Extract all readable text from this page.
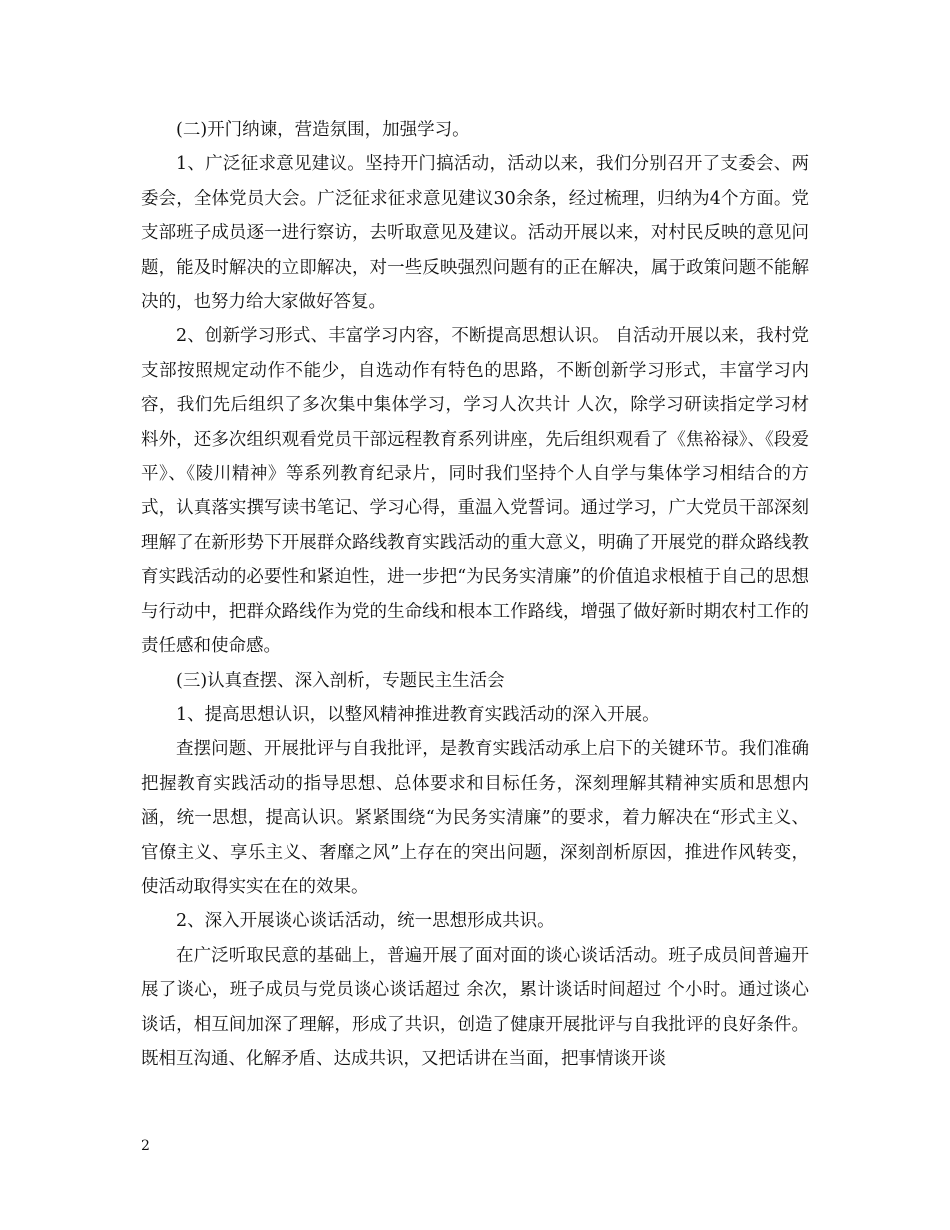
(二)开门纳谏，营造氛围，加强学习。

1、广泛征求意见建议。坚持开门搞活动，活动以来，我们分别召开了支委会、两委会，全体党员大会。广泛征求征求意见建议30余条，经过梳理，归纳为4个方面。党支部班子成员逐一进行察访，去听取意见及建议。活动开展以来，对村民反映的意见问题，能及时解决的立即解决，对一些反映强烈问题有的正在解决，属于政策问题不能解决的，也努力给大家做好答复。

2、创新学习形式、丰富学习内容，不断提高思想认识。 自活动开展以来，我村党支部按照规定动作不能少，自选动作有特色的思路，不断创新学习形式，丰富学习内容，我们先后组织了多次集中集体学习，学习人次共计 人次，除学习研读指定学习材料外，还多次组织观看党员干部远程教育系列讲座，先后组织观看了《焦裕禄》、《段爱平》、《陵川精神》等系列教育纪录片，同时我们坚持个人自学与集体学习相结合的方式，认真落实撰写读书笔记、学习心得，重温入党誓词。通过学习，广大党员干部深刻理解了在新形势下开展群众路线教育实践活动的重大意义，明确了开展党的群众路线教育实践活动的必要性和紧迫性，进一步把“为民务实清廉”的价值追求根植于自己的思想与行动中，把群众路线作为党的生命线和根本工作路线，增强了做好新时期农村工作的责任感和使命感。

(三)认真查摆、深入剖析，专题民主生活会

1、提高思想认识，以整风精神推进教育实践活动的深入开展。

查摆问题、开展批评与自我批评，是教育实践活动承上启下的关键环节。我们准确把握教育实践活动的指导思想、总体要求和目标任务，深刻理解其精神实质和思想内涵，统一思想，提高认识。紧紧围绕“为民务实清廉”的要求，着力解决在“形式主义、官僚主义、享乐主义、奢靡之风”上存在的突出问题，深刻剖析原因，推进作风转变，使活动取得实实在在的效果。

2、深入开展谈心谈话活动，统一思想形成共识。

在广泛听取民意的基础上，普遍开展了面对面的谈心谈话活动。班子成员间普遍开展了谈心，班子成员与党员谈心谈话超过 余次，累计谈话时间超过 个小时。通过谈心谈话，相互间加深了理解，形成了共识，创造了健康开展批评与自我批评的良好条件。既相互沟通、化解矛盾、达成共识，又把话讲在当面，把事情谈开谈

2
